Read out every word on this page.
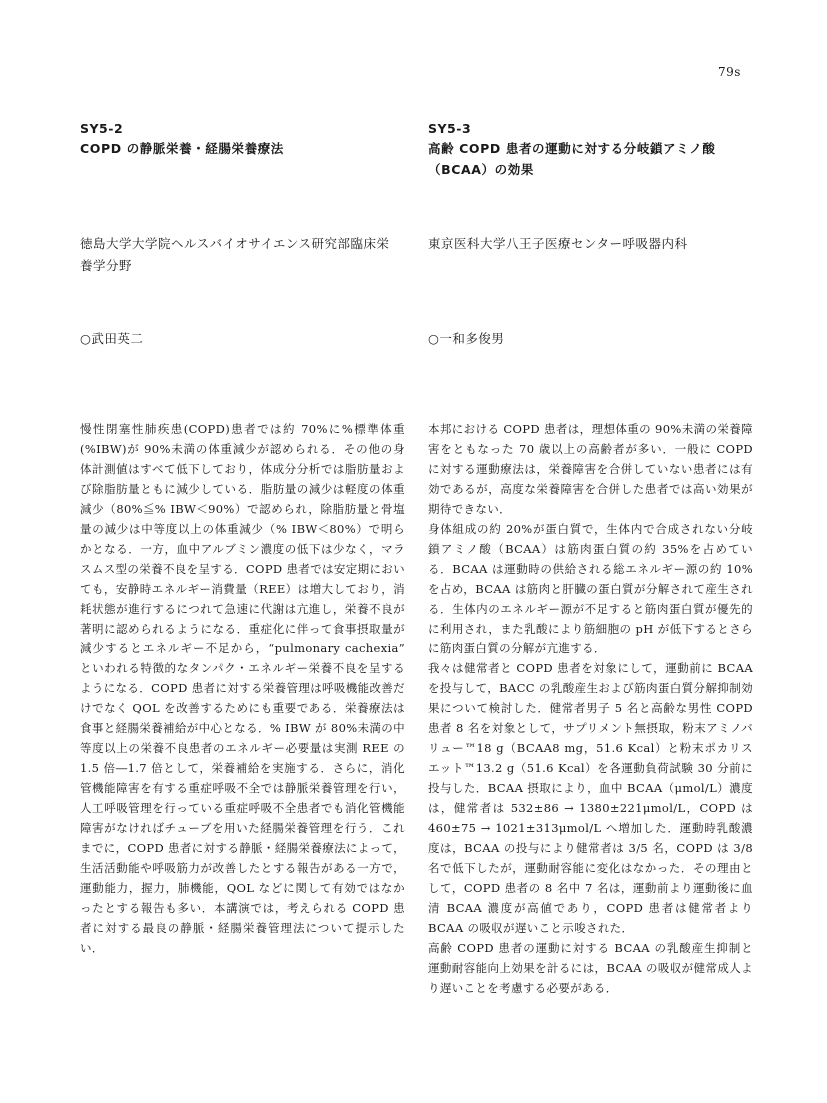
79s
SY5-2
COPD の静脈栄養・経腸栄養療法
徳島大学大学院ヘルスバイオサイエンス研究部臨床栄養学分野
○武田英二

慢性閉塞性肺疾患(COPD)患者では約 70%に%標準体重(%IBW)が 90%未満の体重減少が認められる．その他の身体計測値はすべて低下しており，体成分分析では脂肪量および除脂肪量ともに減少している．脂肪量の減少は軽度の体重減少（80%≦% IBW＜90%）で認められ，除脂肪量と骨塩量の減少は中等度以上の体重減少（% IBW＜80%）で明らかとなる．一方，血中アルブミン濃度の低下は少なく，マラスムス型の栄養不良を呈する．COPD 患者では安定期においても，安静時エネルギー消費量（REE）は増大しており，消耗状態が進行するにつれて急速に代謝は亢進し，栄養不良が著明に認められるようになる．重症化に伴って食事摂取量が減少するとエネルギー不足から，“pulmonary cachexia” といわれる特徴的なタンパク・エネルギー栄養不良を呈するようになる．COPD 患者に対する栄養管理は呼吸機能改善だけでなく QOL を改善するためにも重要である．栄養療法は食事と経腸栄養補給が中心となる．% IBW が 80%未満の中等度以上の栄養不良患者のエネルギー必要量は実測 REE の 1.5 倍―1.7 倍として，栄養補給を実施する．さらに，消化管機能障害を有する重症呼吸不全では静脈栄養管理を行い，人工呼吸管理を行っている重症呼吸不全患者でも消化管機能障害がなければチューブを用いた経腸栄養管理を行う．これまでに，COPD 患者に対する静脈・経腸栄養療法によって，生活活動能や呼吸筋力が改善したとする報告がある一方で，運動能力，握力，肺機能，QOL などに関して有効ではなかったとする報告も多い．本講演では，考えられる COPD 患者に対する最良の静脈・経腸栄養管理法について提示したい．

SY5-3
高齢 COPD 患者の運動に対する分岐鎖アミノ酸（BCAA）の効果
東京医科大学八王子医療センター呼吸器内科
○一和多俊男

本邦における COPD 患者は，理想体重の 90%未満の栄養障害をともなった 70 歳以上の高齢者が多い．一般に COPD に対する運動療法は，栄養障害を合併していない患者には有効であるが，高度な栄養障害を合併した患者では高い効果が期待できない．

身体組成の約 20%が蛋白質で，生体内で合成されない分岐鎖アミノ酸（BCAA）は筋肉蛋白質の約 35%を占めている．BCAA は運動時の供給される総エネルギー源の約 10%を占め，BCAA は筋肉と肝臓の蛋白質が分解されて産生される．生体内のエネルギー源が不足すると筋肉蛋白質が優先的に利用され，また乳酸により筋細胞の pH が低下するとさらに筋肉蛋白質の分解が亢進する．

我々は健常者と COPD 患者を対象にして，運動前に BCAA を投与して，BACC の乳酸産生および筋肉蛋白質分解抑制効果について検討した．健常者男子 5 名と高齢な男性 COPD 患者 8 名を対象として，サプリメント無摂取，粉末アミノバリュー™18 g（BCAA8 mg，51.6 Kcal）と粉末ポカリスエット™13.2 g（51.6 Kcal）を各運動負荷試験 30 分前に投与した．BCAA 摂取により，血中 BCAA（μmol/L）濃度は，健常者は 532±86 → 1380±221μmol/L，COPD は 460±75 → 1021±313μmol/L へ増加した．運動時乳酸濃度は，BCAA の投与により健常者は 3/5 名，COPD は 3/8 名で低下したが，運動耐容能に変化はなかった．その理由として，COPD 患者の 8 名中 7 名は，運動前より運動後に血清 BCAA 濃度が高値であり，COPD 患者は健常者より BCAA の吸収が遅いこと示唆された．

高齢 COPD 患者の運動に対する BCAA の乳酸産生抑制と運動耐容能向上効果を計るには，BCAA の吸収が健常成人より遅いことを考慮する必要がある．
